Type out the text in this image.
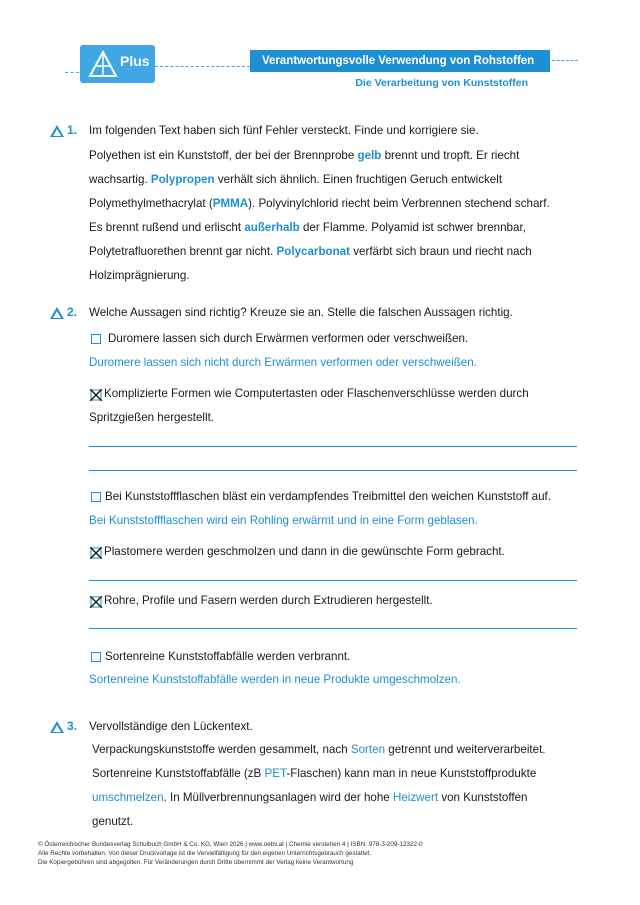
Plus	Verantwortungsvolle Verwendung von Rohstoffen
Die Verarbeitung von Kunststoffen
1. Im folgenden Text haben sich fünf Fehler versteckt. Finde und korrigiere sie.
Polyethen ist ein Kunststoff, der bei der Brennprobe gelb brennt und tropft. Er riecht
wachsartig. Polypropen verhält sich ähnlich. Einen fruchtigen Geruch entwickelt
Polymethylmethacrylat (PMMA). Polyvinylchlorid riecht beim Verbrennen stechend scharf.
Es brennt rußend und erlischt außerhalb der Flamme. Polyamid ist schwer brennbar,
Polytetrafluorethen brennt gar nicht. Polycarbonat verfärbt sich braun und riecht nach
Holzimprägnierung.
2. Welche Aussagen sind richtig? Kreuze sie an. Stelle die falschen Aussagen richtig.
Duromere lassen sich durch Erwärmen verformen oder verschweißen.
Duromere lassen sich nicht durch Erwärmen verformen oder verschweißen.
Komplizierte Formen wie Computertasten oder Flaschenverschlüsse werden durch
Spritzgießen hergestellt.
Bei Kunststoffflaschen bläst ein verdampfendes Treibmittel den weichen Kunststoff auf.
Bei Kunststoffflaschen wird ein Rohling erwärmt und in eine Form geblasen.
Plastomere werden geschmolzen und dann in die gewünschte Form gebracht.
Rohre, Profile und Fasern werden durch Extrudieren hergestellt.
Sortenreine Kunststoffabfälle werden verbrannt.
Sortenreine Kunststoffabfälle werden in neue Produkte umgeschmolzen.
3. Vervollständige den Lückentext.
Verpackungskunststoffe werden gesammelt, nach Sorten getrennt und weiterverarbeitet.
Sortenreine Kunststoffabfälle (zB PET-Flaschen) kann man in neue Kunststoffprodukte
umschmelzen. In Müllverbrennungsanlagen wird der hohe Heizwert von Kunststoffen
genutzt.
© Österreichischer Bundesverlag Schulbuch GmbH & Co. KG, Wien 2026 | www.oebv.at | Chemie verstehen 4 | ISBN: 978-3-209-12322-0
Alle Rechte vorbehalten. Von dieser Druckvorlage ist die Vervielfältigung für den eigenen Unterrichtsgebrauch gestattet.
Die Kopiergebühren sind abgegolten. Für Veränderungen durch Dritte übernimmt der Verlag keine Verantwortung
